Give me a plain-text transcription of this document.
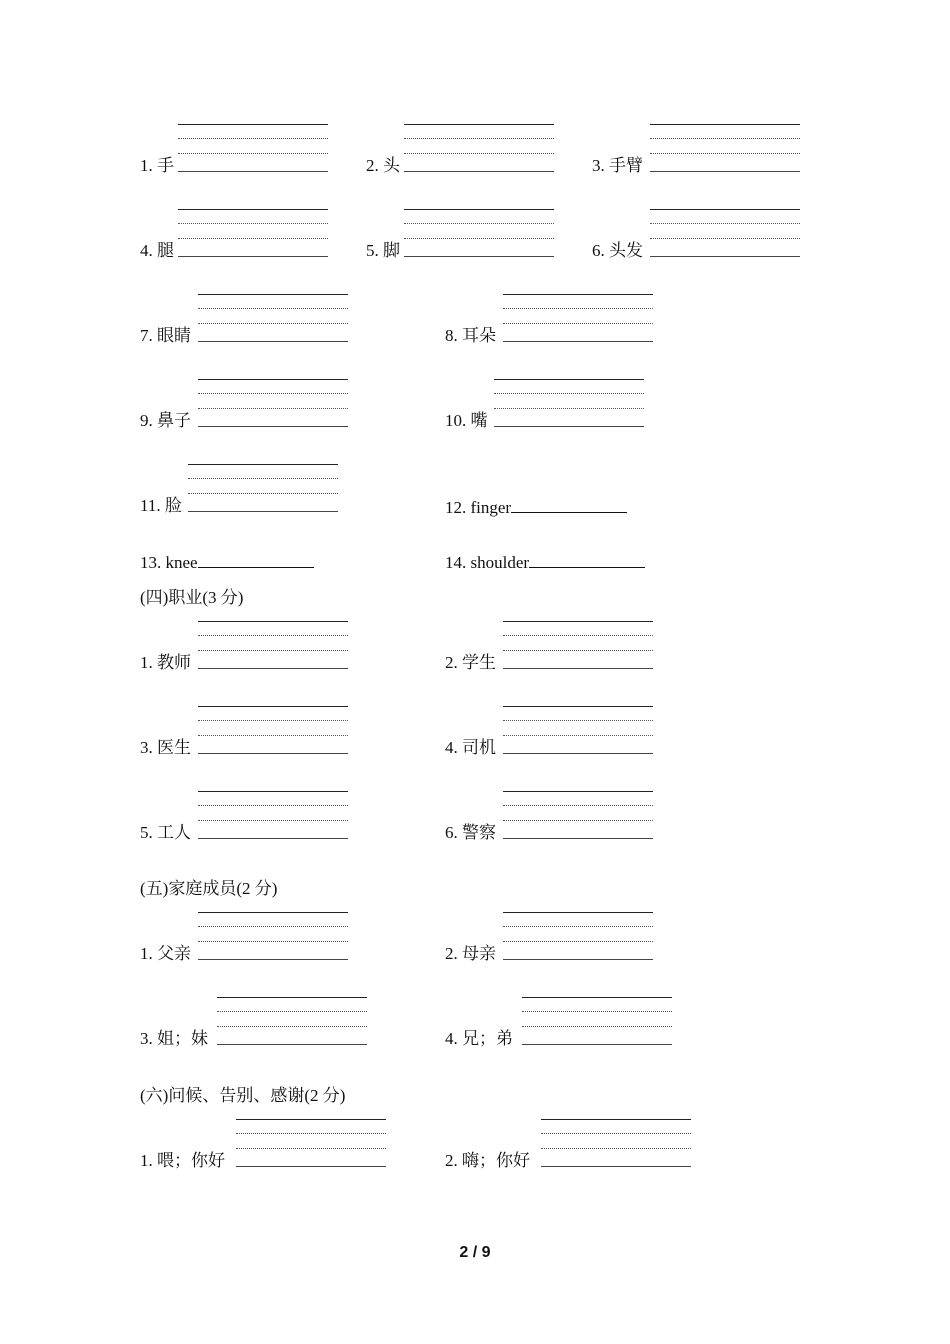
1. 手	2. 头	3. 手臂
4. 腿	5. 脚	6. 头发
7. 眼睛	8. 耳朵
9. 鼻子	10. 嘴
11. 脸	12. finger
13. knee	14. shoulder
(四)职业(3 分)
1. 教师	2. 学生
3. 医生	4. 司机
5. 工人	6. 警察
(五)家庭成员(2 分)
1. 父亲	2. 母亲
3. 姐；妹	4. 兄；弟
(六)问候、告别、感谢(2 分)
1. 喂；你好	2. 嗨；你好
2 / 9
